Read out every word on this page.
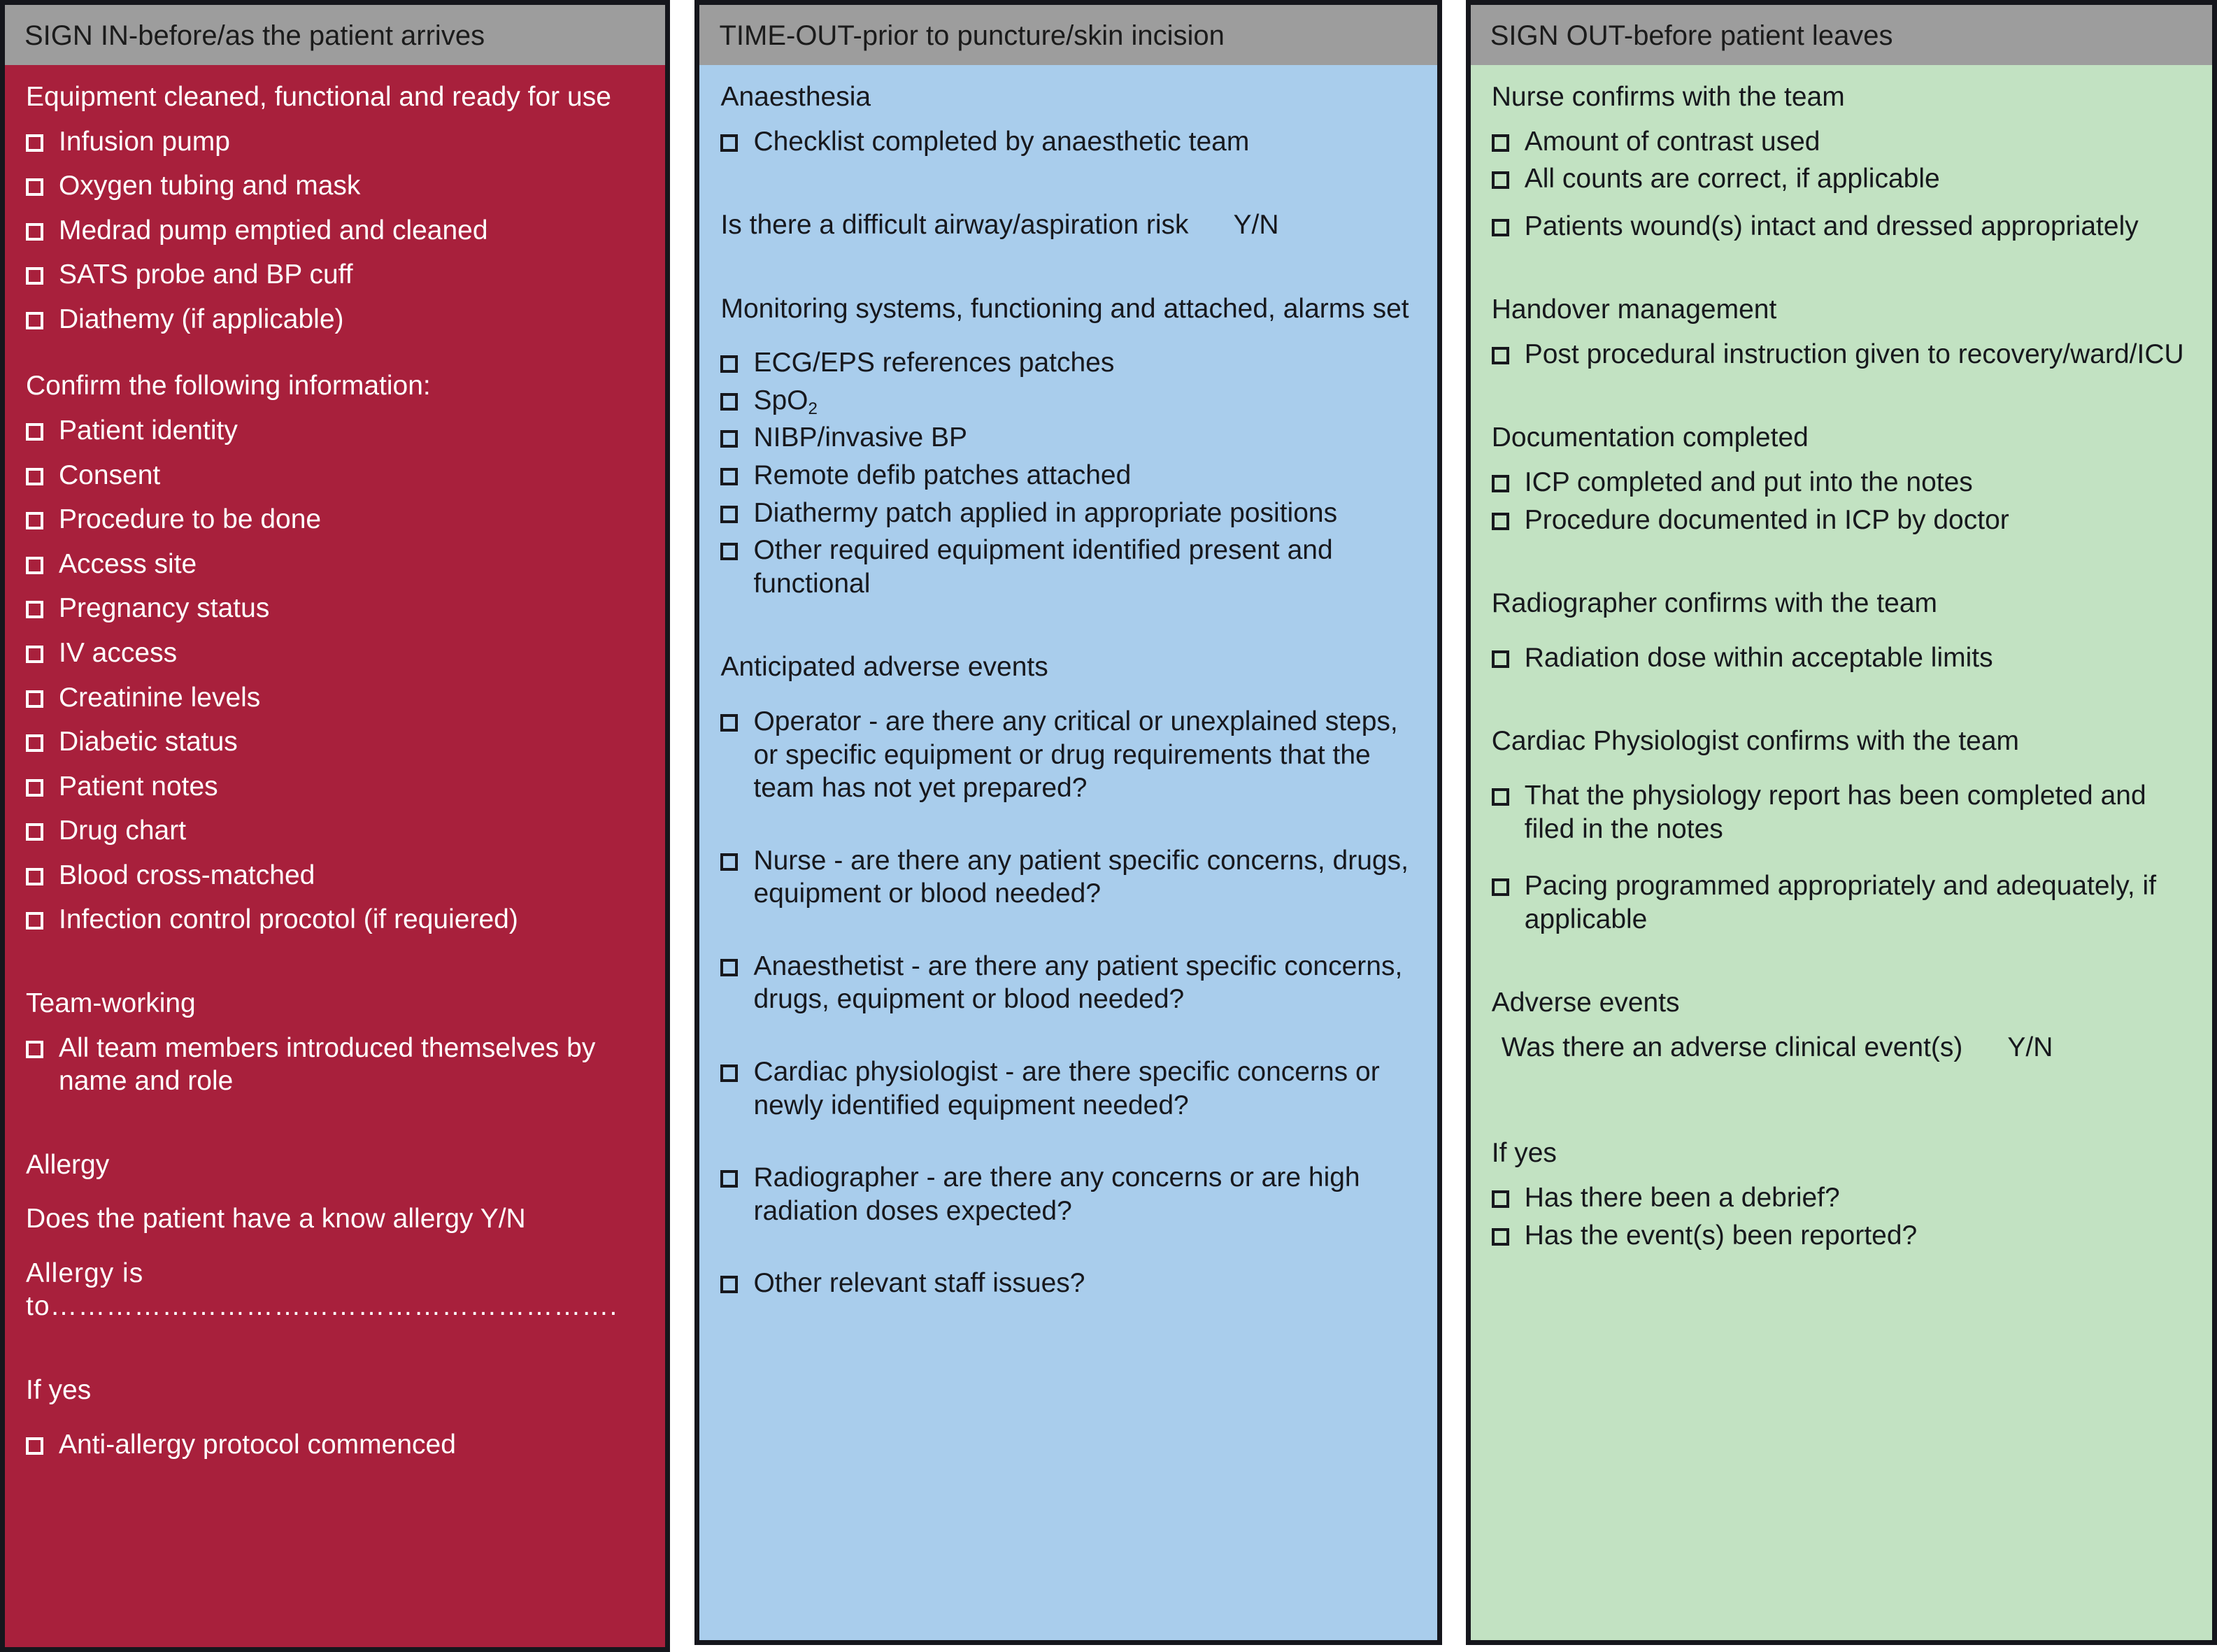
SIGN IN-before/as the patient arrives

Equipment cleaned, functional and ready for use

Infusion pump
Oxygen tubing and mask
Medrad pump emptied and cleaned
SATS probe and BP cuff
Diathemy (if applicable)

Confirm the following information:

Patient identity
Consent
Procedure to be done
Access site
Pregnancy status
IV access
Creatinine levels
Diabetic status
Patient notes
Drug chart
Blood cross-matched
Infection control procotol (if requiered)

Team-working

All team members introduced themselves by name and role

Allergy

Does the patient have a know allergy Y/N

Allergy is to…………………………………………………….

If yes

Anti-allergy protocol commenced
TIME-OUT-prior to puncture/skin incision

Anaesthesia

Checklist completed by anaesthetic team
Is there a difficult airway/aspiration risk Y/N

Monitoring systems, functioning and attached, alarms set

ECG/EPS references patches
SpO$_2$
NIBP/invasive BP
Remote defib patches attached
Diathermy patch applied in appropriate positions
Other required equipment identified present and functional

Anticipated adverse events

Operator - are there any critical or unexplained steps, or specific equipment or drug requirements that the team has not yet prepared?
Nurse - are there any patient specific concerns, drugs, equipment or blood needed?
Anaesthetist - are there any patient specific concerns, drugs, equipment or blood needed?
Cardiac physiologist - are there specific concerns or newly identified equipment needed?
Radiographer - are there any concerns or are high radiation doses expected?
Other relevant staff issues?
SIGN OUT-before patient leaves

Nurse confirms with the team

Amount of contrast used
All counts are correct, if applicable
Patients wound(s) intact and dressed appropriately

Handover management

Post procedural instruction given to recovery/ward/ICU

Documentation completed

ICP completed and put into the notes
Procedure documented in ICP by doctor

Radiographer confirms with the team

Radiation dose within acceptable limits

Cardiac Physiologist confirms with the team

That the physiology report has been completed and filed in the notes
Pacing programmed appropriately and adequately, if applicable

Adverse events

Was there an adverse clinical event(s) Y/N

If yes

Has there been a debrief?
Has the event(s) been reported?
